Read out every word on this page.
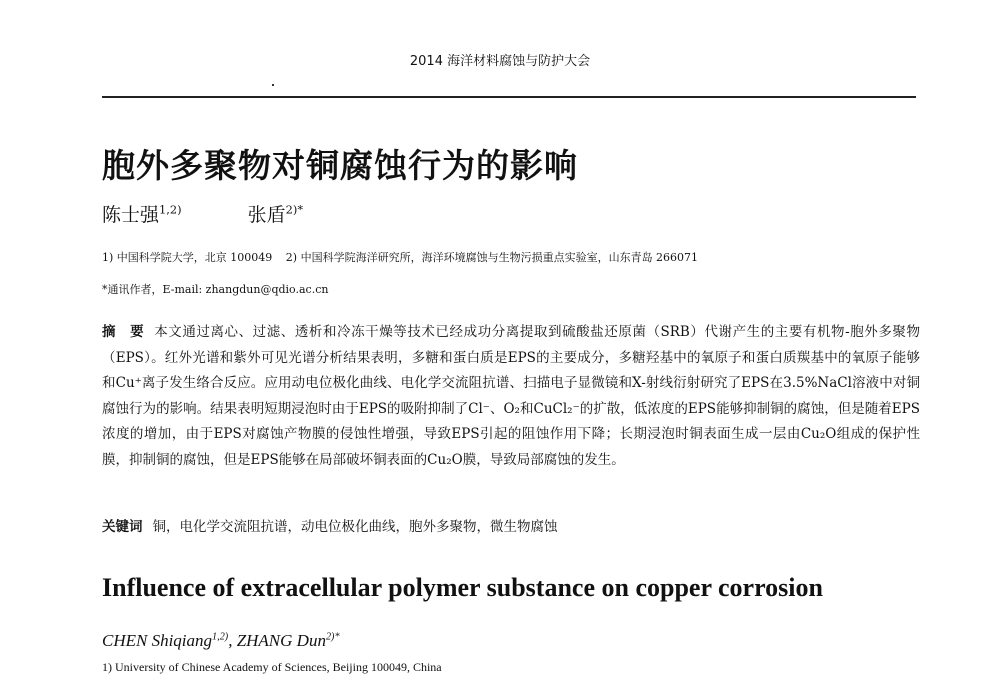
2014 海洋材料腐蚀与防护大会
胞外多聚物对铜腐蚀行为的影响
陈士强$^{1,2)}$	张盾$^{2)*}$
1) 中国科学院大学，北京 100049 2) 中国科学院海洋研究所，海洋环境腐蚀与生物污损重点实验室，山东青岛 266071
*通讯作者，E-mail: zhangdun@qdio.ac.cn
摘　要 本文通过离心、过滤、透析和冷冻干燥等技术已经成功分离提取到硫酸盐还原菌（SRB）代谢产生的主要有机物-胞外多聚物（EPS）。红外光谱和紫外可见光谱分析结果表明，多糖和蛋白质是EPS的主要成分，多糖羟基中的氧原子和蛋白质羰基中的氧原子能够和Cu⁺离子发生络合反应。应用动电位极化曲线、电化学交流阻抗谱、扫描电子显微镜和X-射线衍射研究了EPS在3.5%NaCl溶液中对铜腐蚀行为的影响。结果表明短期浸泡时由于EPS的吸附抑制了Cl⁻、O₂和CuCl₂⁻的扩散，低浓度的EPS能够抑制铜的腐蚀，但是随着EPS浓度的增加，由于EPS对腐蚀产物膜的侵蚀性增强，导致EPS引起的阻蚀作用下降；长期浸泡时铜表面生成一层由Cu₂O组成的保护性膜，抑制铜的腐蚀，但是EPS能够在局部破坏铜表面的Cu₂O膜，导致局部腐蚀的发生。
关键词 铜，电化学交流阻抗谱，动电位极化曲线，胞外多聚物，微生物腐蚀
Influence of extracellular polymer substance on copper corrosion
CHEN Shiqiang$^{1,2)}$, ZHANG Dun$^{2)*}$
1) University of Chinese Academy of Sciences, Beijing 100049, China
